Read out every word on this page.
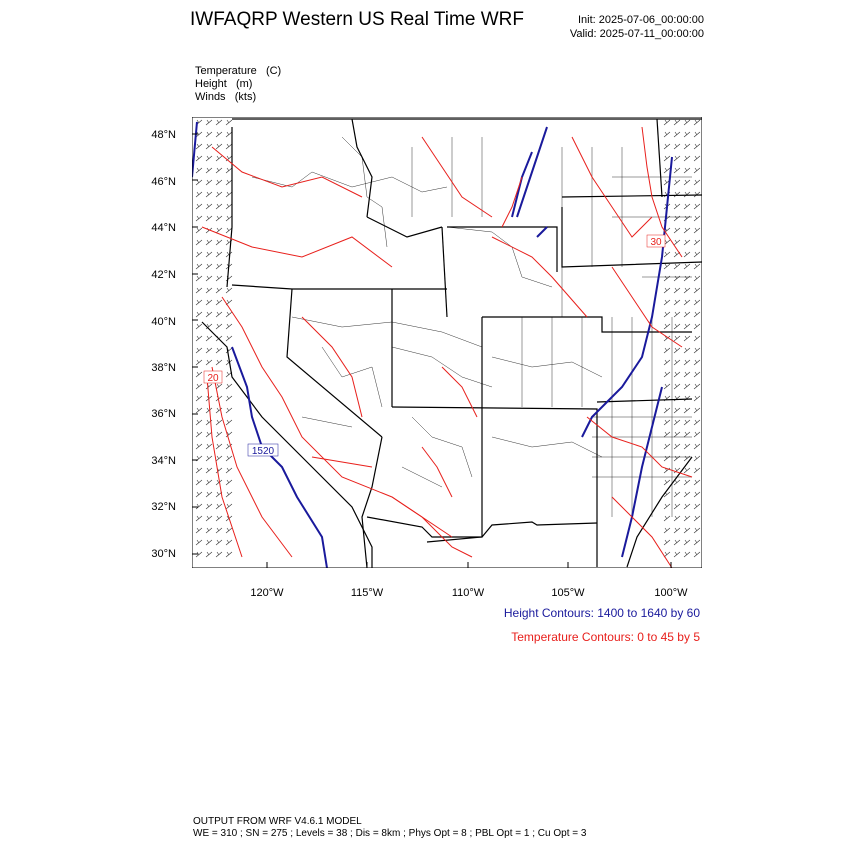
IWFAQRP Western US Real Time WRF	Init: 2025-07-06_00:00:00
Valid: 2025-07-11_00:00:00
Temperature (C)
Height (m)
Winds (kts)
20
1520
30
48°N
46°N
44°N
42°N
40°N
38°N
36°N
34°N
32°N
30°N
120°W	115°W	110°W	105°W	100°W
Height Contours: 1400 to 1640 by 60
Temperature Contours: 0 to 45 by 5
OUTPUT FROM WRF V4.6.1 MODEL
WE = 310 ; SN = 275 ; Levels = 38 ; Dis = 8km ; Phys Opt = 8 ; PBL Opt = 1 ; Cu Opt = 3
